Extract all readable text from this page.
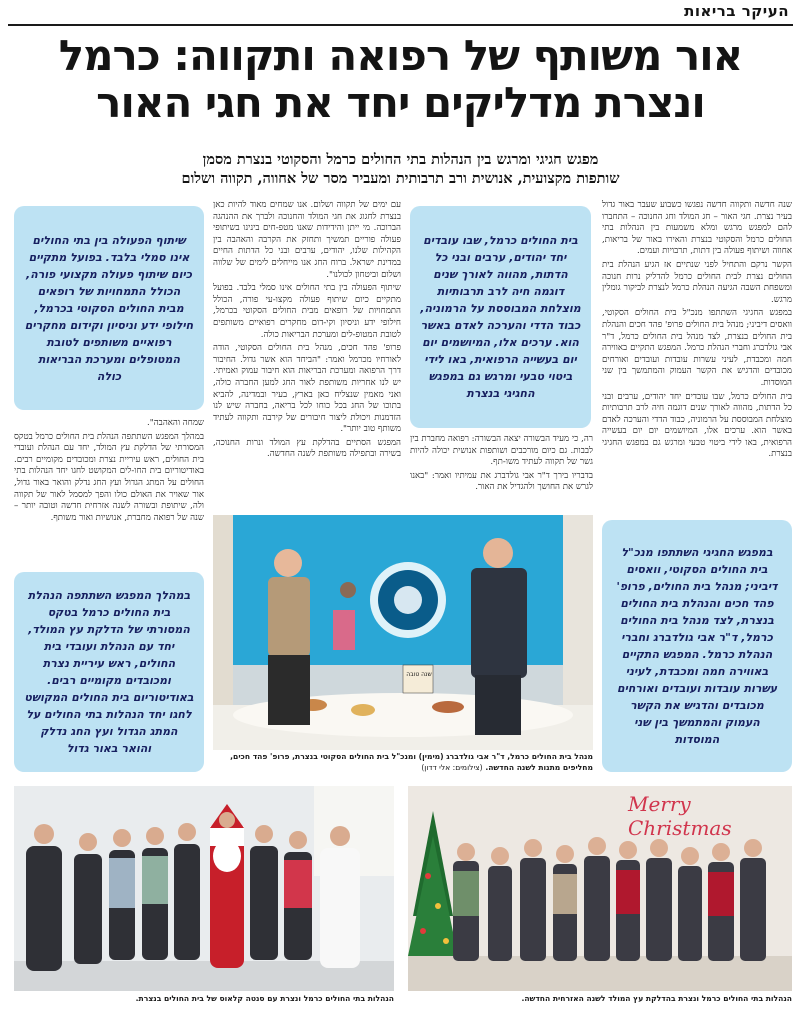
העיקר בריאות
אור משותף של רפואה ותקווה: כרמל
ונצרת מדליקים יחד את חגי האור
מפגש חגיגי ומרגש בין הנהלות בתי החולים כרמל והסקוטי בנצרת מסמן
שותפות מקצועית, אנושית ורב תרבותית ומעביר מסר של אחווה, תקווה ושלום

שנה חדשה ותקווה חדשה נפגשו כשבוע שעבר באור גדול בעיר נצרת. חגי האור – חג המולד וחג החנוכה – התחברו להם למפגש מרגש ומלא משמעות בין הנהלות בתי החולים כרמל והסקוטי בנצרת והאירו באור של בריאות, אחווה ושיתוף פעולה בין דתות, תרבויות ועמים.

הקשר נרקם והתחיל לפני שנתיים אז הגיע הנהלת בית החולים נצרת לבית החולים כרמל להדליק נרות חנוכה ומשפחת השבה הגיעה הנהלת כרמל לנצרת לביקור גומלין מרגש.

במפגש החגיגי השתתפו מנכ"ל בית החולים הסקוטי, וואסים דיביני; מנהל בית החולים פרופ' פהד חכים והנהלת בית החולים בנצרת, לצד מנהל בית החולים כרמל, ד"ר אבי גולדברג וחברי הנהלת כרמל. המפגש התקיים באווירה חמה ומכבדת, לעיני עשרות עובדות ועובדים ואורחים מכובדים והדגיש את הקשר העמוק והמתמשך בין שני המוסדות.

בית החולים כרמל, שבו עובדים יחד יהודים, ערבים ובני כל הדתות, מהווה לאורך שנים דוגמה חיה לרב תרבותיות מוצלחת המבוססת על הרמוניה, כבוד הדדי והערכה לאדם באשר הוא. ערכים אלו, המיושמים יום יום בעשייה הרפואית, באו לידי ביטוי טבעי ומרגש גם במפגש החגיגי בנצרת.

בית החולים כרמל, שבו עובדים יחד יהודים, ערבים ובני כל הדתות, מהווה לאורך שנים דוגמה חיה לרב תרבותיות מוצלחת המבוססת על הרמוניה, כבוד הדדי והערכה לאדם באשר הוא. ערכים אלו, המיושמים יום יום בעשייה הרפואית, באו לידי ביטוי טבעי ומרגש גם במפגש החגיגי בנצרת

רה, כי מעיד הבשורה יצאה הבשורה: רפואה מחברת בין לבבות. גם כיום מורכבים ושותפות אנושית יכולה להיות גשר של תקווה לעתיד משו-תף.

בדבריו בירך ד"ר אבי גולדברג את עמיתיו ואמר: "באנו לגרש את החושך ולהגדיל את האור.

עם ימים של תקווה ושלום. אנו שמחים מאוד להיות כאן בנצרת לחגוג את חגי המולד והחנוכה ולברך את ההנהגה הברוכה. מי ייתן והידידות שאנו מטפ-חים בינינו בשיתופי פעולה פוריים תמשיך ותחזק את הקרבה והאהבה בין הקהילות שלנו, יהודים, ערבים ובני כל הדתות החיים במדינת ישראל. ברוח החג אנו מייחלים לימים של שלווה ושלום וביטחון לכולנו".

שיתוף הפעולה בין בתי החולים אינו סמלי בלבד. בפועל מתקיים כיום שיתוף פעולה מקצו-עי פורה, הכולל התמחויות של רופאים מבית החולים הסקוטי בכרמל, חילופי ידע וניסיון וקי-דום מחקרים רפואיים משותפים לטובת המטופ-לים ומערכת הבריאות כולה.

פרופ' פהד חכים, מנהל בית החולים הסקוטי, הודה לאורחיו מכרמל ואמר: "הביחד הוא אשר גדול. החיבור דרך הרפואה ומערכת הבריאות הוא חיבור עמוק ואמיתי. יש לנו אחריות משותפת לאור החג למען החברה כולה, ואני מאמין שנצליח כאן בארץ, בעיר ובמדינה, להביא בתוכו של החג בכל כוחו לכל בריאה, בחברה שיש לנו הזדמנות ויכולת ליצור חיבורים של קירבה ותקווה לעתיד משותף טוב יותר".

המפגש הסתיים בהדלקת עץ המולד ונרות החנוכה, בשירה ובתפילה משותפת לשנה החדשה.

שיתוף הפעולה בין בתי החולים אינו סמלי בלבד. בפועל מתקיים כיום שיתוף פעולה מקצועי פורה, הכולל התמחויות של רופאים מבית החולים הסקוטי בכרמל, חילופי ידע וניסיון וקידום מחקרים רפואיים משותפים לטובת המטופלים ומערכת הבריאות כולה

שמחה והאהבה".

במהלך המפגש השתתפה הנהלת בית החולים כרמל בטקס המסורתי של הדלקת עץ המולד, יחד עם הנהלת ועובדי בית החולים, ראש עיריית נצרת ומכובדים מקומיים רבים. באודיטוריום בית החו-לים המקושט לחגו יחד הנהלות בתי החולים על המתג הגדול ועץ החג נדלק והואר באור גדול, אור שאויר את האולם כולו והפך למסמל לאור של תקווה ולה, שיתופת ובשורה לשנה אזרחית חדשה וטובה יותר – שנה של רפואה מחברת, אנושיות ואור משותף.

במהלך המפגש השתתפה הנהלת בית החולים כרמל בטקס המסורתי של הדלקת עץ המולד, יחד עם הנהלת ועובדי בית החולים, ראש עיריית נצרת ומכובדים מקומיים רבים. באודיטוריום בית החולים המקושט לחגו יחד הנהלות בתי החולים על המתג הגדול ועץ החג נדלק והואר באור גדול
במפגש החגיגי השתתפו מנכ"ל בית החולים הסקוטי, וואסים דיביני; מנהל בית החולים, פרופ' פהד חכים והנהלת בית החולים בנצרת, לצד מנהל בית החולים כרמל, ד"ר אבי גולדברג וחברי הנהלת כרמל. המפגש התקיים באווירה חמה ומכבדת, לעיני עשרות עובדות ועובדים ואורחים מכובדים והדגיש את הקשר העמוק והמתמשך בין שני המוסדות
שנה טובה
מנהל בית החולים כרמל, ד"ר אבי גולדברג (מימין) ומנכ"ל בית החולים הסקוטי בנצרת, פרופ' פהד חכים, מחליפים מתנות לשנה החדשה. (צילומים: אלי דדון)
Merry Christmas
הנהלות בתי החולים כרמל ונצרת בהדלקת עץ המולד לשנה האזרחית החדשה.
הנהלות בתי החולים כרמל ונצרת עם סנטה קלאוס של בית החולים בנצרת.
